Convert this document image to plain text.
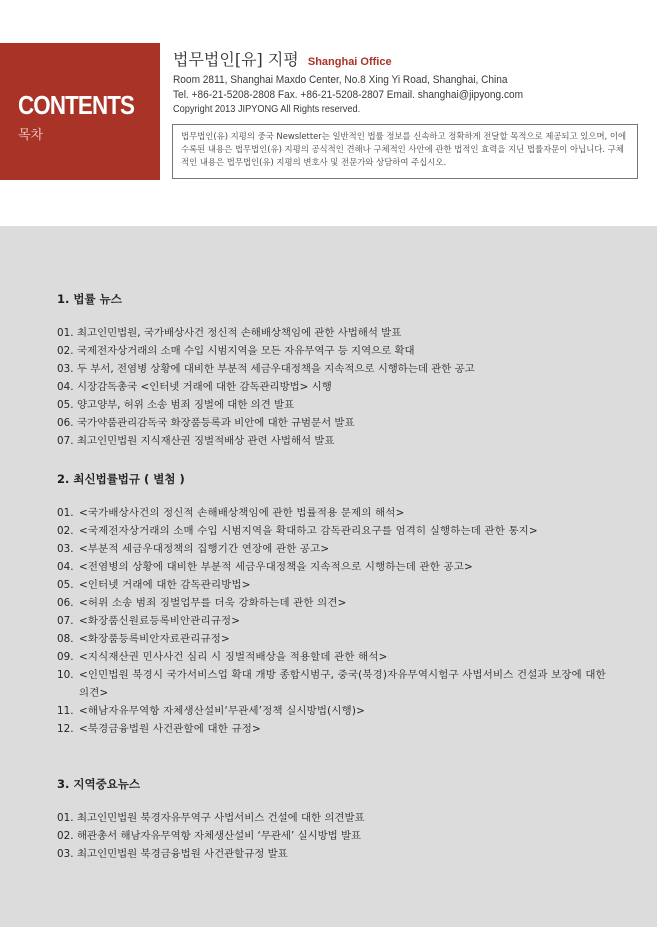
CONTENTS
목차
법무법인[유] 지평 Shanghai Office
Room 2811, Shanghai Maxdo Center, No.8 Xing Yi Road, Shanghai, China
Tel. +86-21-5208-2808 Fax. +86-21-5208-2807 Email. shanghai@jipyong.com
Copyright 2013 JIPYONG All Rights reserved.

법무법인(유) 지평의 중국 Newsletter는 일반적인 법률 정보를 신속하고 정확하게 전달할 목적으로 제공되고 있으며, 이에 수록된 내용은 법무법인(유) 지평의 공식적인 견해나 구체적인 사안에 관한 법적인 효력을 지닌 법률자문이 아닙니다. 구체적인 내용은 법무법인(유) 지평의 변호사 및 전문가와 상담하여 주십시오.

1. 법률 뉴스
01. 최고인민법원, 국가배상사건 정신적 손해배상책임에 관한 사법해석 발표
02. 국제전자상거래의 소매 수입 시범지역을 모든 자유무역구 등 지역으로 확대
03. 두 부서, 전염병 상황에 대비한 부분적 세금우대정책을 지속적으로 시행하는데 관한 공고
04. 시장감독총국 <인터넷 거래에 대한 감독관리방법> 시행
05. 양고양부, 허위 소송 범죄 징벌에 대한 의견 발표
06. 국가약품관리감독국 화장품등록과 비안에 대한 규범문서 발표
07. 최고인민법원 지식재산권 징벌적배상 관련 사법해석 발표
2. 최신법률법규 ( 별첨 )
01. <국가배상사건의 정신적 손해배상책임에 관한 법률적용 문제의 해석>
02. <국제전자상거래의 소매 수입 시범지역을 확대하고 감독관리요구를 엄격히 실행하는데 관한 통지>
03. <부분적 세금우대정책의 집행기간 연장에 관한 공고>
04. <전염병의 상황에 대비한 부분적 세금우대정책을 지속적으로 시행하는데 관한 공고>
05. <인터넷 거래에 대한 감독관리방법>
06. <허위 소송 범죄 징벌업무를 더욱 강화하는데 관한 의견>
07. <화장품신원료등록비안관리규정>
08. <화장품등록비안자료관리규정>
09. <지식재산권 민사사건 심리 시 징벌적배상을 적용할데 관한 해석>
10. <인민법원 북경시 국가서비스업 확대 개방 종합시범구, 중국(북경)자유무역시험구 사법서비스 건설과 보장에 대한 의견>
11. <해남자유무역항 자체생산설비‘무관세’정책 실시방법(시행)>
12. <북경금융법원 사건관할에 대한 규정>
3. 지역중요뉴스
01. 최고인민법원 북경자유무역구 사법서비스 건설에 대한 의견발표
02. 해관총서 해남자유무역항 자체생산설비 ‘무관세’ 실시방법 발표
03. 최고인민법원 북경금융법원 사건관할규정 발표
